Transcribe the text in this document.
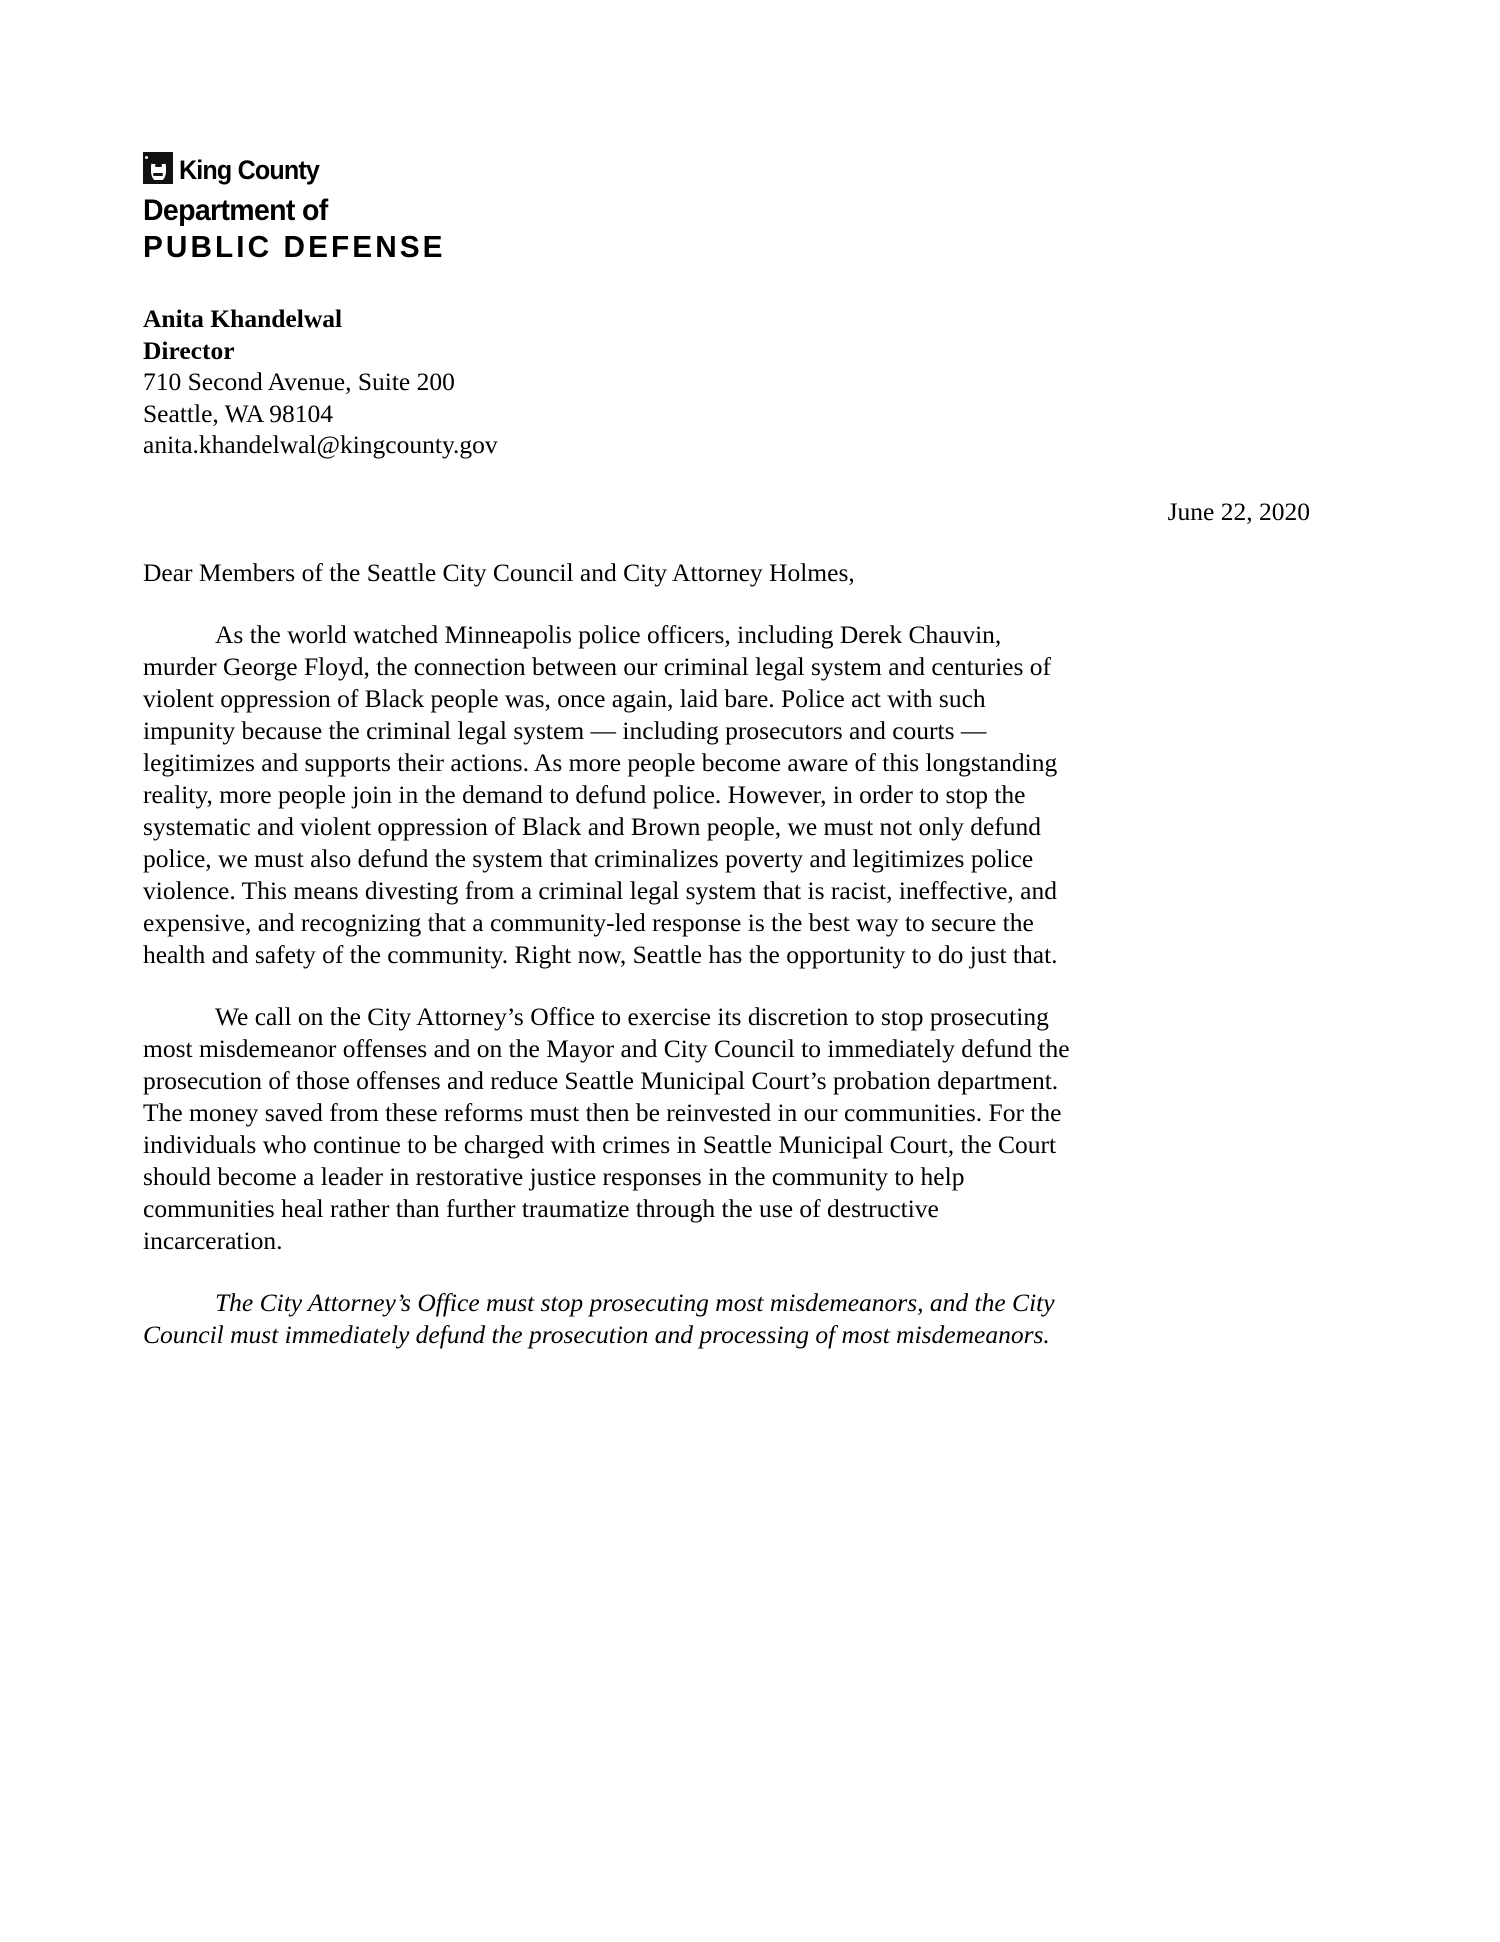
King County
Department of
PUBLIC DEFENSE
Anita Khandelwal
Director
710 Second Avenue, Suite 200
Seattle, WA 98104
anita.khandelwal@kingcounty.gov
June 22, 2020
Dear Members of the Seattle City Council and City Attorney Holmes,

As the world watched Minneapolis police officers, including Derek Chauvin, murder George Floyd, the connection between our criminal legal system and centuries of violent oppression of Black people was, once again, laid bare. Police act with such impunity because the criminal legal system — including prosecutors and courts — legitimizes and supports their actions. As more people become aware of this longstanding reality, more people join in the demand to defund police. However, in order to stop the systematic and violent oppression of Black and Brown people, we must not only defund police, we must also defund the system that criminalizes poverty and legitimizes police violence. This means divesting from a criminal legal system that is racist, ineffective, and expensive, and recognizing that a community-led response is the best way to secure the health and safety of the community. Right now, Seattle has the opportunity to do just that.

We call on the City Attorney’s Office to exercise its discretion to stop prosecuting most misdemeanor offenses and on the Mayor and City Council to immediately defund the prosecution of those offenses and reduce Seattle Municipal Court’s probation department. The money saved from these reforms must then be reinvested in our communities. For the individuals who continue to be charged with crimes in Seattle Municipal Court, the Court should become a leader in restorative justice responses in the community to help communities heal rather than further traumatize through the use of destructive incarceration.

The City Attorney’s Office must stop prosecuting most misdemeanors, and the City Council must immediately defund the prosecution and processing of most misdemeanors.
